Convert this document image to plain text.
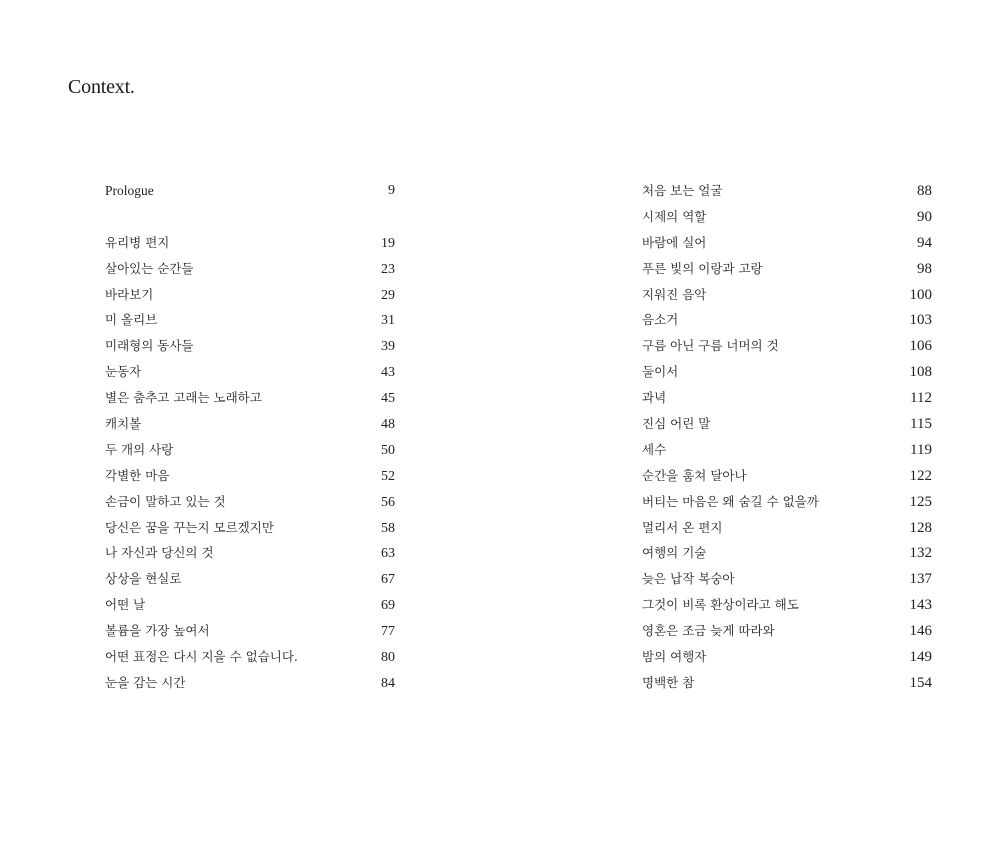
Context.
Prologue	9
유리병 편지	19
살아있는 순간들	23
바라보기	29
미 올리브	31
미래형의 동사들	39
눈동자	43
별은 춤추고 고래는 노래하고	45
캐치볼	48
두 개의 사랑	50
각별한 마음	52
손금이 말하고 있는 것	56
당신은 꿈을 꾸는지 모르겠지만	58
나 자신과 당신의 것	63
상상을 현실로	67
어떤 날	69
볼륨을 가장 높여서	77
어떤 표정은 다시 지을 수 없습니다.	80
눈을 감는 시간	84
처음 보는 얼굴	88
시제의 역할	90
바람에 실어	94
푸른 빛의 이랑과 고랑	98
지워진 음악	100
음소거	103
구름 아닌 구름 너머의 것	106
둘이서	108
과녁	112
진심 어린 말	115
세수	119
순간을 훔쳐 달아나	122
버티는 마음은 왜 숨길 수 없을까	125
멀리서 온 편지	128
여행의 기술	132
늦은 납작 복숭아	137
그것이 비록 환상이라고 해도	143
영혼은 조금 늦게 따라와	146
밤의 여행자	149
명백한 참	154
